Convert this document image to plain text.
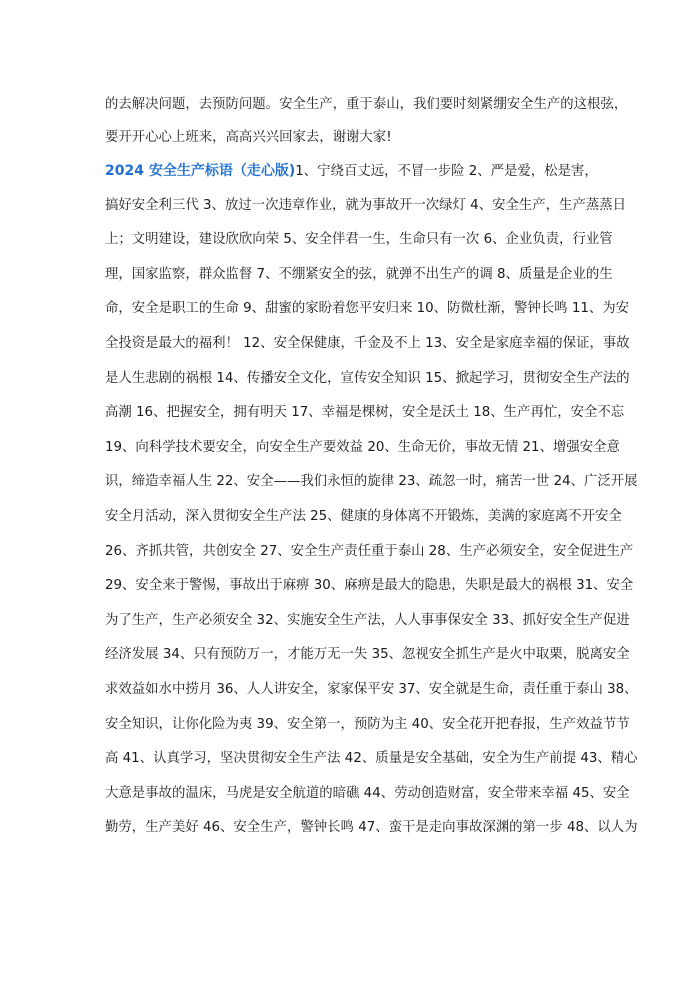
的去解决问题，去预防问题。安全生产，重于泰山，我们要时刻紧绷安全生产的这根弦，
要开开心心上班来，高高兴兴回家去，谢谢大家!
2024 安全生产标语（走心版)1、宁绕百丈远，不冒一步险 2、严是爱，松是害，
搞好安全利三代 3、放过一次违章作业，就为事故开一次绿灯 4、安全生产，生产蒸蒸日
上；文明建设，建设欣欣向荣 5、安全伴君一生，生命只有一次 6、企业负责，行业管
理，国家监察，群众监督 7、不绷紧安全的弦，就弹不出生产的调 8、质量是企业的生
命，安全是职工的生命 9、甜蜜的家盼着您平安归来 10、防微杜渐，警钟长鸣 11、为安
全投资是最大的福利！ 12、安全保健康，千金及不上 13、安全是家庭幸福的保证，事故
是人生悲剧的祸根 14、传播安全文化，宣传安全知识 15、掀起学习，贯彻安全生产法的
高潮 16、把握安全，拥有明天 17、幸福是棵树，安全是沃土 18、生产再忙，安全不忘
19、向科学技术要安全，向安全生产要效益 20、生命无价，事故无情 21、增强安全意
识，缔造幸福人生 22、安全——我们永恒的旋律 23、疏忽一时，痛苦一世 24、广泛开展
安全月活动，深入贯彻安全生产法 25、健康的身体离不开锻炼，美满的家庭离不开安全
26、齐抓共管，共创安全 27、安全生产责任重于泰山 28、生产必须安全，安全促进生产
29、安全来于警惕，事故出于麻痹 30、麻痹是最大的隐患，失职是最大的祸根 31、安全
为了生产，生产必须安全 32、实施安全生产法，人人事事保安全 33、抓好安全生产促进
经济发展 34、只有预防万一，才能万无一失 35、忽视安全抓生产是火中取栗，脱离安全
求效益如水中捞月 36、人人讲安全，家家保平安 37、安全就是生命，责任重于泰山 38、
安全知识，让你化险为夷 39、安全第一，预防为主 40、安全花开把春报，生产效益节节
高 41、认真学习，坚决贯彻安全生产法 42、质量是安全基础，安全为生产前提 43、精心
大意是事故的温床，马虎是安全航道的暗礁 44、劳动创造财富，安全带来幸福 45、安全
勤劳，生产美好 46、安全生产，警钟长鸣 47、蛮干是走向事故深渊的第一步 48、以人为
